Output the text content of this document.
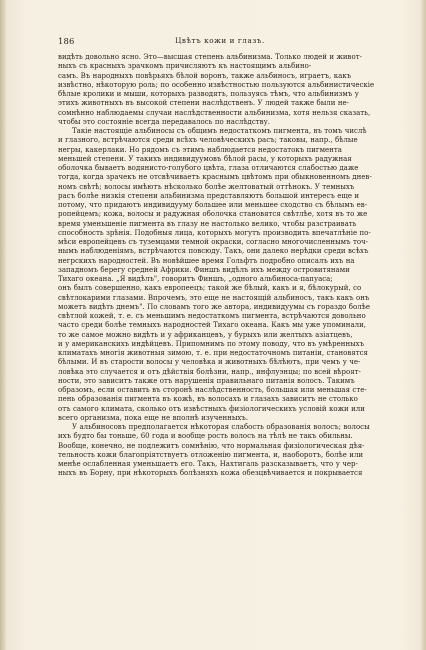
186	Цвѣтъ кожи и глазъ.
видѣть довольно ясно. Это—высшая степень альбинизма. Только людей и живот-
ныхъ съ красныхъ зрачкомъ причисляютъ къ настоящимъ альбино-
самъ. Въ народныхъ повѣрьяхъ бѣлой воронъ, также альбиносъ, играетъ, какъ
извѣстно, нѣкоторую роль; по особенно извѣстностью пользуются альбинистическіе
бѣлые кролики и мыши, которыхъ разводятъ, пользуясь тѣмъ, что альбинизмъ у
этихъ животныхъ въ высокой степени наслѣдственъ. У людей также были не-
сомнѣнно наблюдаемы случаи наслѣдственности альбинизма, хотя нельзя сказать,
чтобы это состояніе всегда передавалось по наслѣдству.
Такіе настоящіе альбиносы съ общимъ недостаткомъ пигмента, въ томъ числѣ
и глазного, встрѣчаются среди всѣхъ человѣческихъ расъ; таковы, напр., бѣлые
негры, какерлаки. Но рядомъ съ этимъ наблюдается недостатокъ пигмента
меньшей степени. У такихъ индивидуумовъ бѣлой расы, у которыхъ радужная
оболочка бываетъ водянисто-голубого цвѣта, глаза отличаются слабостью даже
тогда, когда зрачекъ не отсвѣчиваетъ краснымъ цвѣтомъ при обыкновенномъ днев-
номъ свѣтѣ; волосы имѣютъ нѣсколько болѣе желтоватый оттѣнокъ. У темныхъ
расъ болѣе низкія степени альбинизма представляютъ большой интересъ еще и
потому, что придаютъ индивидууму большее или меньшее сходство съ бѣлымъ ев-
ропейцемъ; кожа, волосы и радужная оболочка становятся свѣтлѣе, хотя въ то же
время уменьшеніе пигмента въ глазу не настолько велико, чтобы разстраивать
способность зрѣнія. Подобныя лица, которыхъ могутъ производить впечатлѣніе по-
мѣси европейцевъ съ туземцами темной окраски, согласно многочисленнымъ точ-
нымъ наблюденіямъ, встрѣчаются повсюду. Такъ, они далеко нерѣдки среди всѣхъ
негрскихъ народностей. Въ новѣйшее время Гольфтъ подробно описалъ ихъ на
западномъ берегу средней Африки. Финшъ видѣлъ ихъ между островитянами
Тихаго океана. „Я видѣлъ", говоритъ Финшъ, „одного альбиноса-папуаса;
онъ былъ совершенно, какъ европеецъ; такой же бѣлый, какъ и я, бѣлокурый, со
свѣтлокарими глазами. Впрочемъ, это еще не настоящій альбиносъ, такъ какъ онъ
можетъ видѣть днемъ". По словамъ того же автора, индивидуумы съ гораздо болѣе
свѣтлой кожей, т. е. съ меньшимъ недостаткомъ пигмента, встрѣчаются довольно
часто среди болѣе темныхъ народностей Тихаго океана. Какъ мы уже упоминали,
то же самое можно видѣть и у африканцевъ, у бурыхъ или желтыхъ азіатцевъ,
и у американскихъ индѣйцевъ. Припомнимъ по этому поводу, что въ умѣренныхъ
климатахъ многія животныя зимою, т. е. при недостаточномъ питаніи, становятся
бѣлыми. И въ старости волосы у человѣка и животныхъ бѣлѣютъ, при чемъ у че-
ловѣка это случается и отъ дѣйствія болѣзни, напр., инфлуэнцы; по всей вѣроят-
ности, это зависитъ также отъ нарушенія правильнаго питанія волосъ. Такимъ
образомъ, если оставить въ сторонѣ наслѣдственность, большая или меньшая сте-
пень образованія пигмента въ кожѣ, въ волосахъ и глазахъ зависитъ не столько
отъ самого климата, сколько отъ извѣстныхъ физіологическихъ условій кожи или
всего организма, пока еще не вполнѣ изученныхъ.
У альбиносовъ предполагается нѣкоторая слабость образованія волосъ; волосы
ихъ будто бы тоньше, 60 года и вообще рость волосъ на тѣлѣ не такъ обильны.
Вообще, конечно, не подлежитъ сомнѣнію, что нормальная физіологическая дѣя-
тельность кожи благопріятствуетъ отложенію пигмента, и, наоборотъ, болѣе или
менѣе ослабленная уменьшаетъ его. Такъ, Нахтигаль разсказываетъ, что у чер-
ныхъ въ Борну, при нѣкоторыхъ болѣзняхъ кожа обезцвѣчивается и покрывается
